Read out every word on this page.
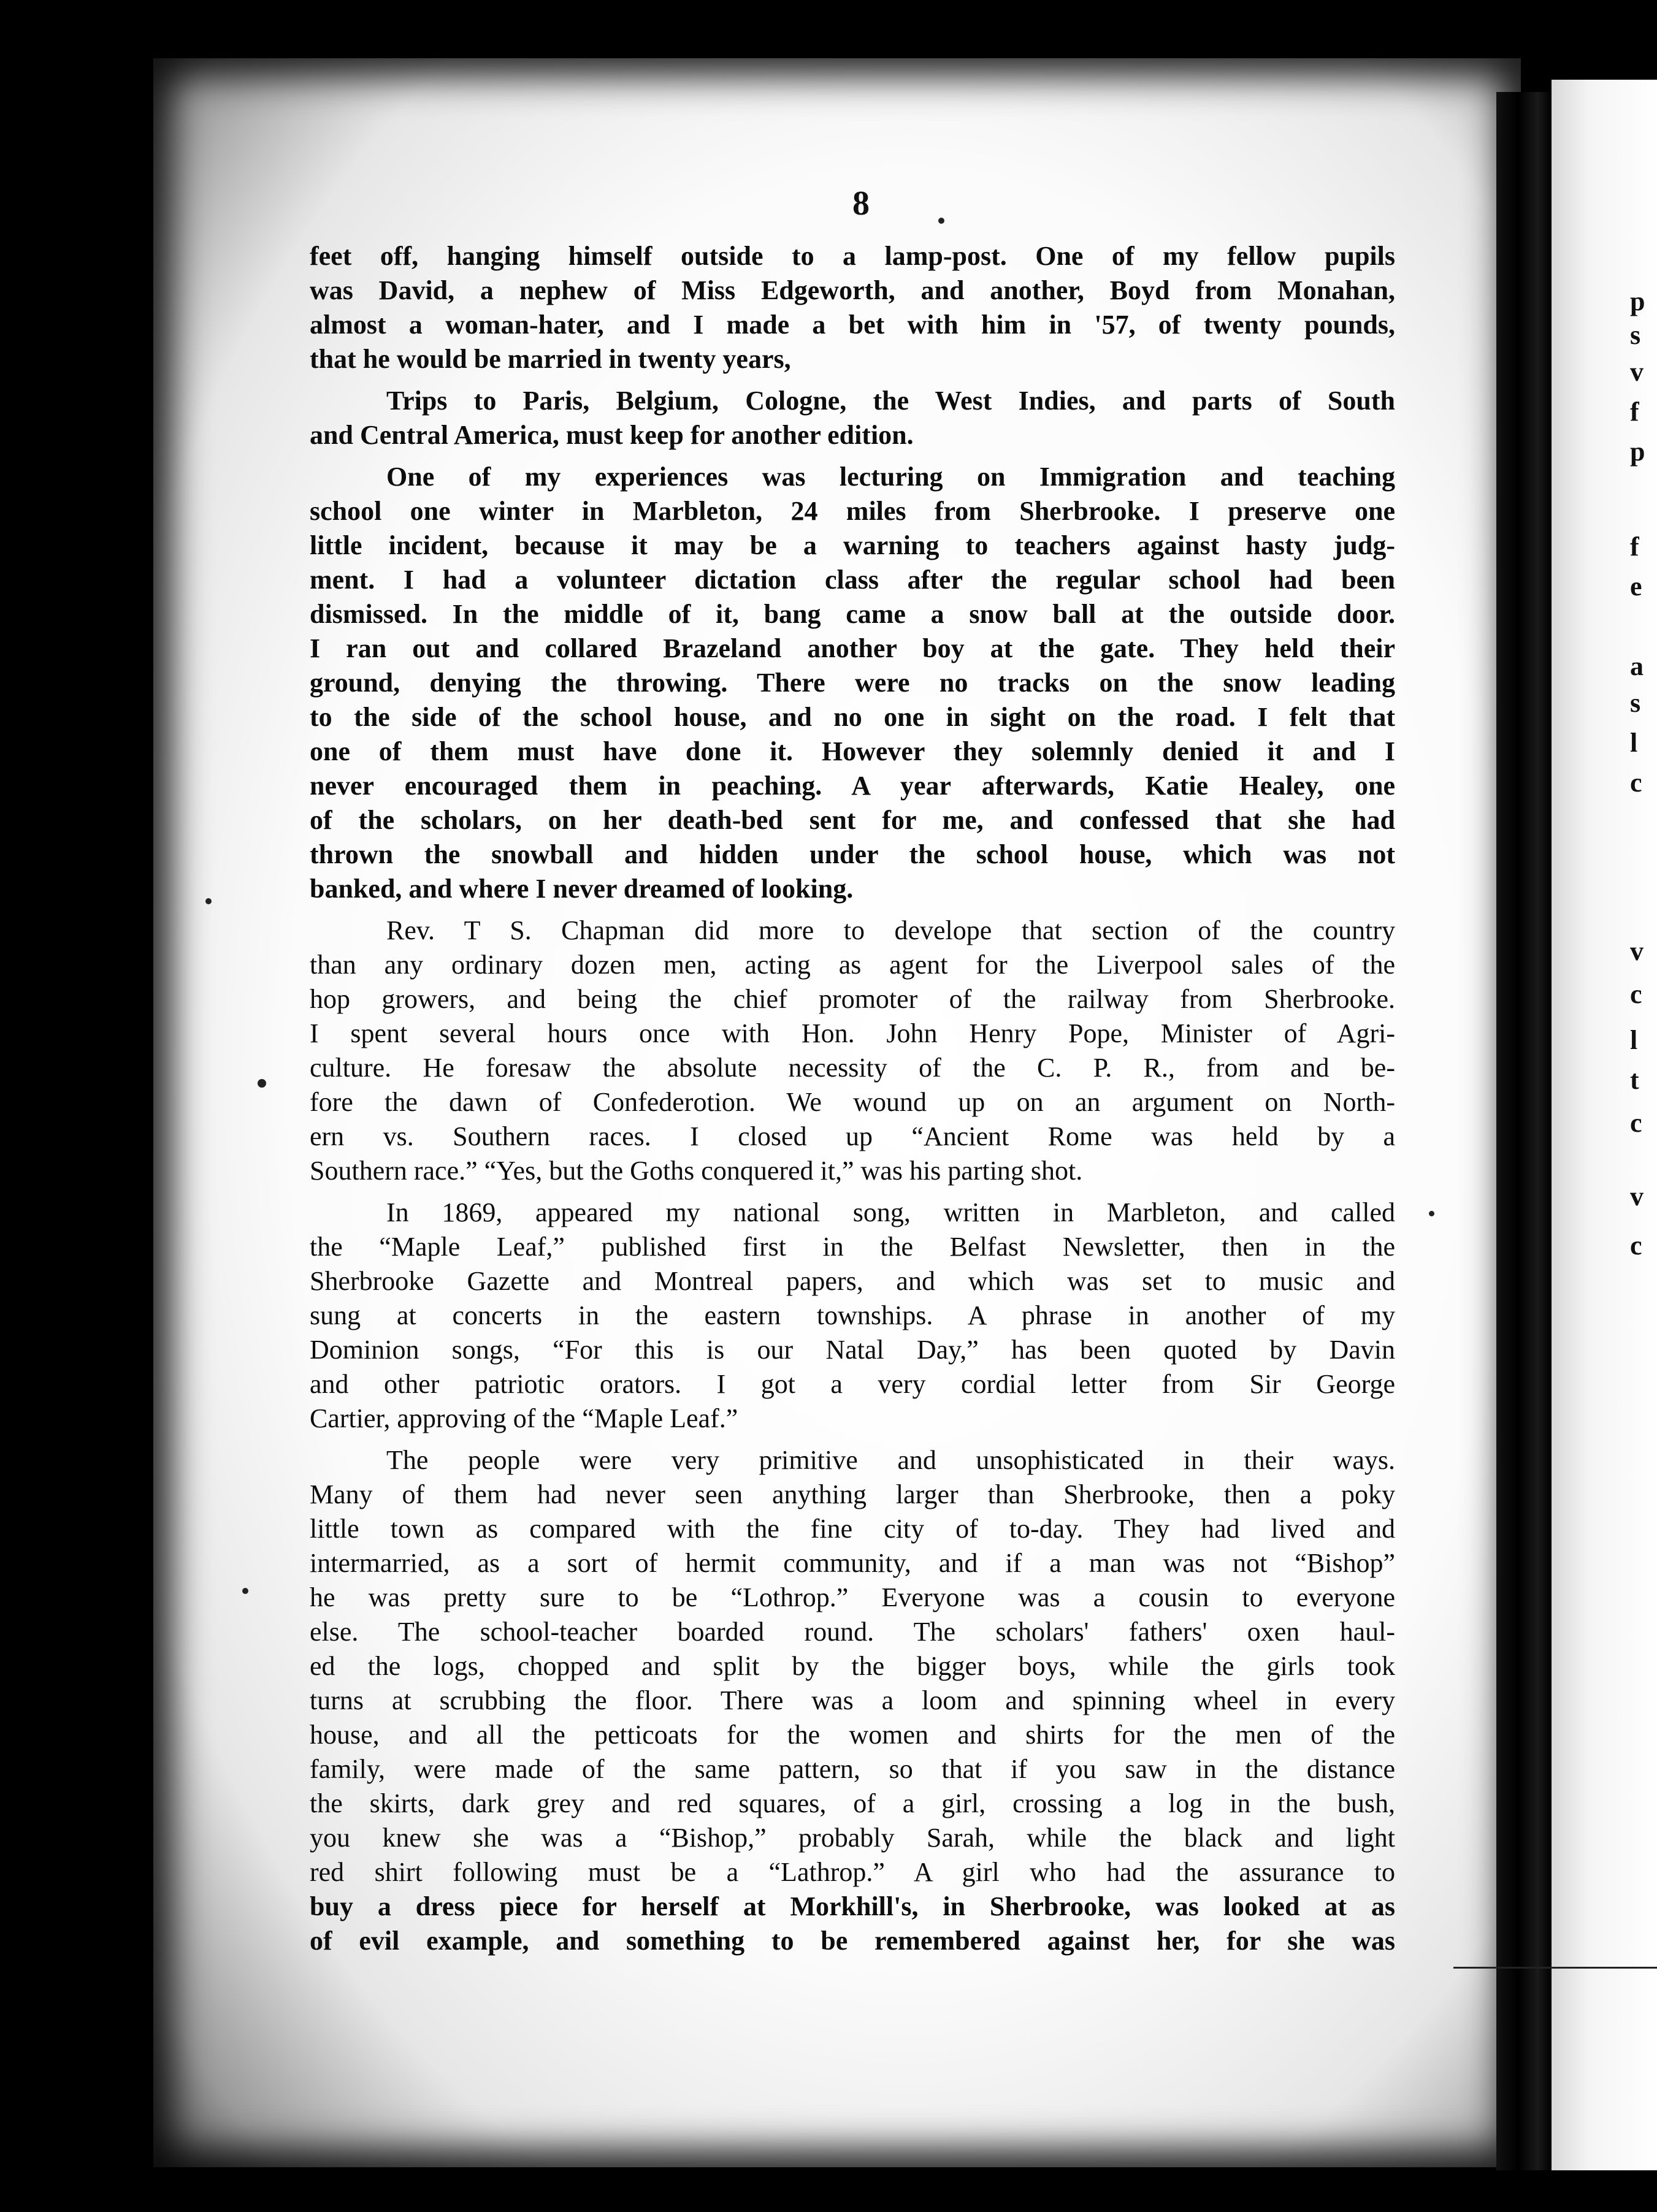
p
s
v
f
p
f
e
a
s
l
c
v
c
l
t
c
v
c
8
feet off, hanging himself outside to a lamp-post. One of my fellow pupils
was David, a nephew of Miss Edgeworth, and another, Boyd from Monahan,
almost a woman-hater, and I made a bet with him in '57, of twenty pounds,
that he would be married in twenty years,
Trips to Paris, Belgium, Cologne, the West Indies, and parts of South
and Central America, must keep for another edition.
One of my experiences was lecturing on Immigration and teaching
school one winter in Marbleton, 24 miles from Sherbrooke. I preserve one
little incident, because it may be a warning to teachers against hasty judg-
ment. I had a volunteer dictation class after the regular school had been
dismissed. In the middle of it, bang came a snow ball at the outside door.
I ran out and collared Brazeland another boy at the gate. They held their
ground, denying the throwing. There were no tracks on the snow leading
to the side of the school house, and no one in sight on the road. I felt that
one of them must have done it. However they solemnly denied it and I
never encouraged them in peaching. A year afterwards, Katie Healey, one
of the scholars, on her death-bed sent for me, and confessed that she had
thrown the snowball and hidden under the school house, which was not
banked, and where I never dreamed of looking.
Rev. T S. Chapman did more to develope that section of the country
than any ordinary dozen men, acting as agent for the Liverpool sales of the
hop growers, and being the chief promoter of the railway from Sherbrooke.
I spent several hours once with Hon. John Henry Pope, Minister of Agri-
culture. He foresaw the absolute necessity of the C. P. R., from and be-
fore the dawn of Confederotion. We wound up on an argument on North-
ern vs. Southern races. I closed up “Ancient Rome was held by a
Southern race.” “Yes, but the Goths conquered it,” was his parting shot.
In 1869, appeared my national song, written in Marbleton, and called
the “Maple Leaf,” published first in the Belfast Newsletter, then in the
Sherbrooke Gazette and Montreal papers, and which was set to music and
sung at concerts in the eastern townships. A phrase in another of my
Dominion songs, “For this is our Natal Day,” has been quoted by Davin
and other patriotic orators. I got a very cordial letter from Sir George
Cartier, approving of the “Maple Leaf.”
The people were very primitive and unsophisticated in their ways.
Many of them had never seen anything larger than Sherbrooke, then a poky
little town as compared with the fine city of to-day. They had lived and
intermarried, as a sort of hermit community, and if a man was not “Bishop”
he was pretty sure to be “Lothrop.” Everyone was a cousin to everyone
else. The school-teacher boarded round. The scholars' fathers' oxen haul-
ed the logs, chopped and split by the bigger boys, while the girls took
turns at scrubbing the floor. There was a loom and spinning wheel in every
house, and all the petticoats for the women and shirts for the men of the
family, were made of the same pattern, so that if you saw in the distance
the skirts, dark grey and red squares, of a girl, crossing a log in the bush,
you knew she was a “Bishop,” probably Sarah, while the black and light
red shirt following must be a “Lathrop.” A girl who had the assurance to
buy a dress piece for herself at Morkhill's, in Sherbrooke, was looked at as
of evil example, and something to be remembered against her, for she was
